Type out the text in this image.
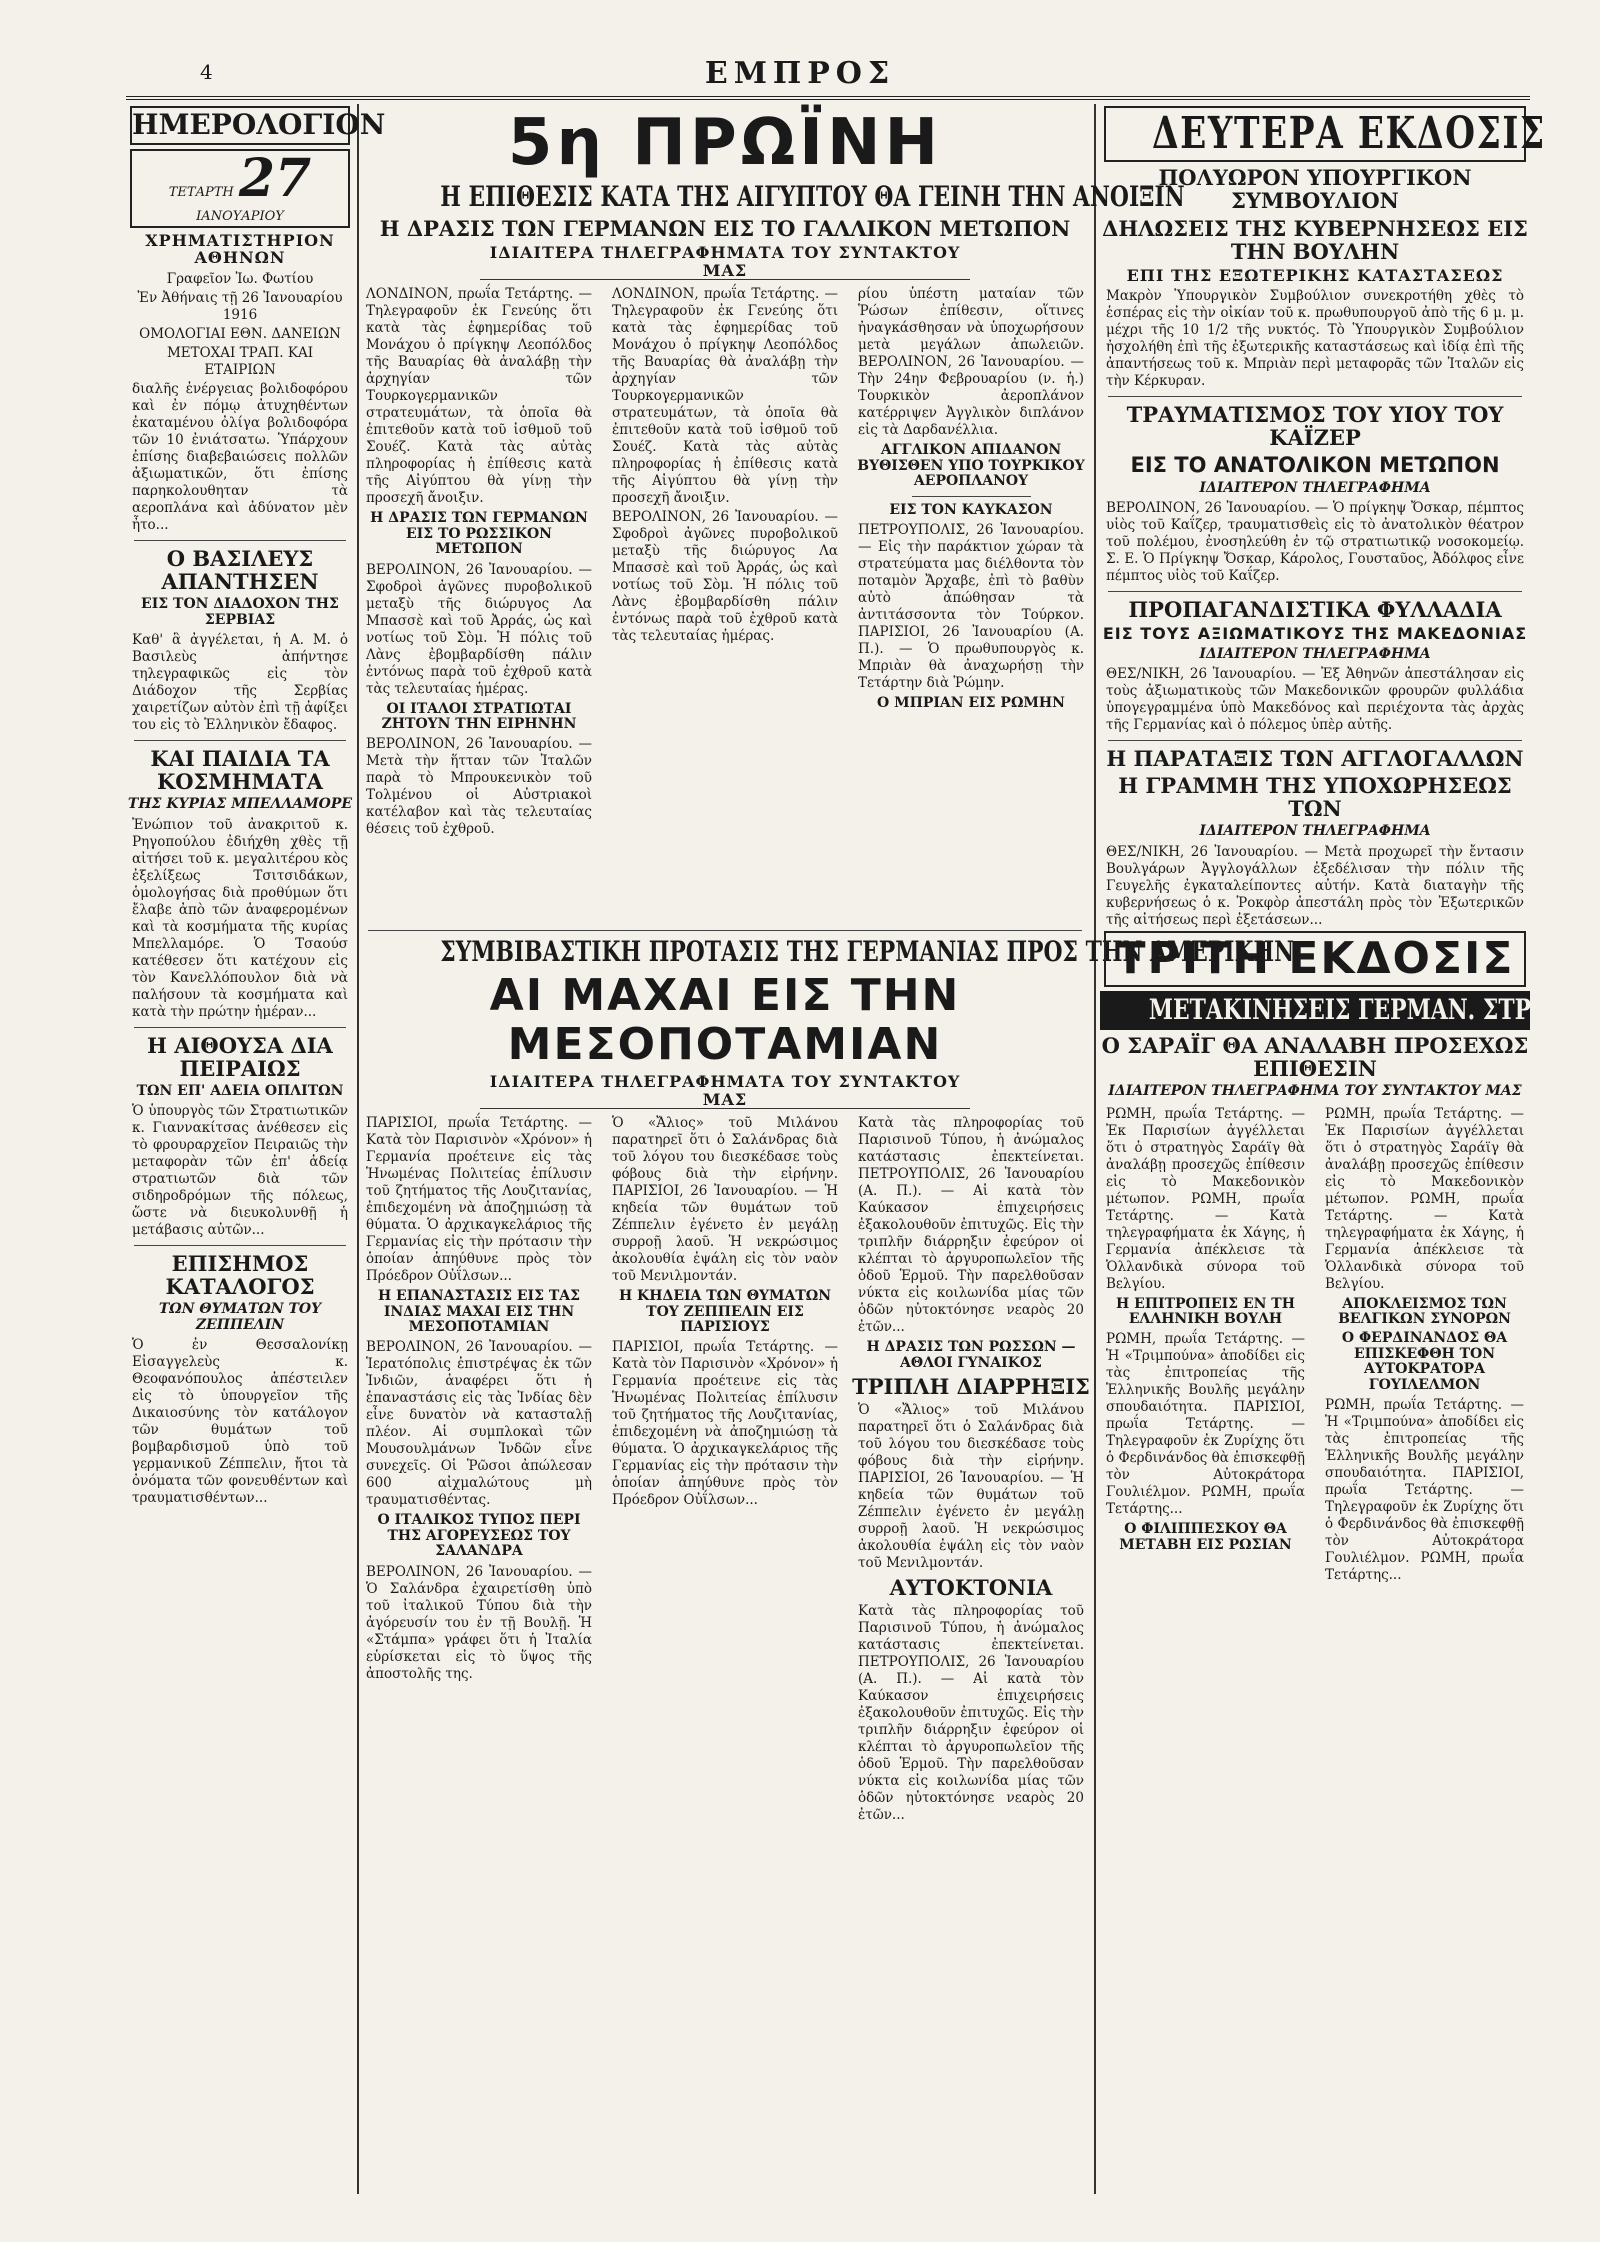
4	ΕΜΠΡΟΣ
ΗΜΕΡΟΛΟΓΙΟΝ
ΤΕΤΑΡΤΗ 27 ΙΑΝΟΥΑΡΙΟΥ
ΧΡΗΜΑΤΙΣΤΗΡΙΟΝ ΑΘΗΝΩΝ
Γραφεῖον Ἰω. Φωτίου
Ἐν Ἀθήναις τῇ 26 Ἰανουαρίου 1916
ΟΜΟΛΟΓΙΑΙ ΕΘΝ. ΔΑΝΕΙΩΝ
ΜΕΤΟΧΑΙ ΤΡΑΠ. ΚΑΙ ΕΤΑΙΡΙΩΝ
διαλῆς ἐνέργειας βολιδοφόρου καὶ ἐν πόμῳ ἀτυχηθέντων ἐκαταμένου ὀλίγα βολιδοφόρα τῶν 10 ἐνιάτσατω. Ὑπάρχουν ἐπίσης διαβεβαιώσεις πολλῶν ἀξιωματικῶν, ὅτι ἐπίσης παρηκολουθηταν τὰ αεροπλάνα καὶ ἀδύνατον μὲν ἦτο...
Ο ΒΑΣΙΛΕΥΣ ΑΠΑΝΤΗΣΕΝ
ΕΙΣ ΤΟΝ ΔΙΑΔΟΧΟΝ ΤΗΣ ΣΕΡΒΙΑΣ
Καθ' ἃ ἀγγέλεται, ἡ Α. Μ. ὁ Βασιλεὺς ἀπήντησε τηλεγραφικῶς εἰς τὸν Διάδοχον τῆς Σερβίας χαιρετίζων αὐτὸν ἐπὶ τῇ ἀφίξει του εἰς τὸ Ἑλληνικὸν ἔδαφος.
ΚΑΙ ΠΑΙΔΙΑ ΤΑ ΚΟΣΜΗΜΑΤΑ
ΤΗΣ ΚΥΡΙΑΣ ΜΠΕΛΛΑΜΟΡΕ
Ἐνώπιον τοῦ ἀνακριτοῦ κ. Ρηγοπούλου ἐδιήχθη χθὲς τῇ αἰτήσει τοῦ κ. μεγαλιτέρου κὸς ἐξελίξεως Τσιτσιδάκων, ὁμολογήσας διὰ προθύμων ὅτι ἔλαβε ἀπὸ τῶν ἀναφερομένων καὶ τὰ κοσμήματα τῆς κυρίας Μπελλαμόρε. Ὁ Τσαούσ κατέθεσεν ὅτι κατέχουν εἰς τὸν Κανελλόπουλον διὰ νὰ παλήσουν τὰ κοσμήματα καὶ κατὰ τὴν πρώτην ἡμέραν...
Η ΑΙΘΟΥΣΑ ΔΙΑ ΠΕΙΡΑΙΩΣ
ΤΩΝ ΕΠ' ΑΔΕΙΑ ΟΠΛΙΤΩΝ
Ὁ ὑπουργὸς τῶν Στρατιωτικῶν κ. Γιαννακίτσας ἀνέθεσεν εἰς τὸ φρουραρχεῖον Πειραιῶς τὴν μεταφορὰν τῶν ἐπ' ἀδείᾳ στρατιωτῶν διὰ τῶν σιδηροδρόμων τῆς πόλεως, ὥστε νὰ διευκολυνθῇ ἡ μετάβασις αὐτῶν...
ΕΠΙΣΗΜΟΣ ΚΑΤΑΛΟΓΟΣ
ΤΩΝ ΘΥΜΑΤΩΝ ΤΟΥ ΖΕΠΠΕΛΙΝ
Ὁ ἐν Θεσσαλονίκῃ Εἰσαγγελεὺς κ. Θεοφανόπουλος ἀπέστειλεν εἰς τὸ ὑπουργεῖον τῆς Δικαιοσύνης τὸν κατάλογον τῶν θυμάτων τοῦ βομβαρδισμοῦ ὑπὸ τοῦ γερμανικοῦ Ζέππελιν, ἤτοι τὰ ὀνόματα τῶν φονευθέντων καὶ τραυματισθέντων...
5η ΠΡΩΪΝΗ
Η ΕΠΙΘΕΣΙΣ ΚΑΤΑ ΤΗΣ ΑΙΓΥΠΤΟΥ ΘΑ ΓΕΙΝΗ ΤΗΝ ΑΝΟΙΞΙΝ
Η ΔΡΑΣΙΣ ΤΩΝ ΓΕΡΜΑΝΩΝ ΕΙΣ ΤΟ ΓΑΛΛΙΚΟΝ ΜΕΤΩΠΟΝ
ΙΔΙΑΙΤΕΡΑ ΤΗΛΕΓΡΑΦΗΜΑΤΑ ΤΟΥ ΣΥΝΤΑΚΤΟΥ ΜΑΣ
ΛΟΝΔΙΝΟΝ, πρωΐα Τετάρτης. — Τηλεγραφοῦν ἐκ Γενεύης ὅτι κατὰ τὰς ἐφημερίδας τοῦ Μονάχου ὁ πρίγκηψ Λεοπόλδος τῆς Βαυαρίας θὰ ἀναλάβῃ τὴν ἀρχηγίαν τῶν Τουρκογερμανικῶν στρατευμάτων, τὰ ὁποῖα θὰ ἐπιτεθοῦν κατὰ τοῦ ἰσθμοῦ τοῦ Σουέζ. Κατὰ τὰς αὐτὰς πληροφορίας ἡ ἐπίθεσις κατὰ τῆς Αἰγύπτου θὰ γίνῃ τὴν προσεχῆ ἄνοιξιν.
Η ΔΡΑΣΙΣ ΤΩΝ ΓΕΡΜΑΝΩΝ ΕΙΣ ΤΟ ΡΩΣΣΙΚΟΝ ΜΕΤΩΠΟΝ
ΒΕΡΟΛΙΝΟΝ, 26 Ἰανουαρίου. — Σφοδροὶ ἀγῶνες πυροβολικοῦ μεταξὺ τῆς διώρυγος Λα Μπασσὲ καὶ τοῦ Ἀρράς, ὡς καὶ νοτίως τοῦ Σὸμ. Ἡ πόλις τοῦ Λὰνς ἐβομβαρδίσθη πάλιν ἐντόνως παρὰ τοῦ ἐχθροῦ κατὰ τὰς τελευταίας ἡμέρας.
ΟΙ ΙΤΑΛΟΙ ΣΤΡΑΤΙΩΤΑΙ ΖΗΤΟΥΝ ΤΗΝ ΕΙΡΗΝΗΝ
ΒΕΡΟΛΙΝΟΝ, 26 Ἰανουαρίου. — Μετὰ τὴν ἥτταν τῶν Ἰταλῶν παρὰ τὸ Μπρουκενικὸν τοῦ Τολμένου οἱ Αὐστριακοὶ κατέλαβον καὶ τὰς τελευταίας θέσεις τοῦ ἐχθροῦ.
ΛΟΝΔΙΝΟΝ, πρωΐα Τετάρτης. — Τηλεγραφοῦν ἐκ Γενεύης ὅτι κατὰ τὰς ἐφημερίδας τοῦ Μονάχου ὁ πρίγκηψ Λεοπόλδος τῆς Βαυαρίας θὰ ἀναλάβῃ τὴν ἀρχηγίαν τῶν Τουρκογερμανικῶν στρατευμάτων, τὰ ὁποῖα θὰ ἐπιτεθοῦν κατὰ τοῦ ἰσθμοῦ τοῦ Σουέζ. Κατὰ τὰς αὐτὰς πληροφορίας ἡ ἐπίθεσις κατὰ τῆς Αἰγύπτου θὰ γίνῃ τὴν προσεχῆ ἄνοιξιν.
ΒΕΡΟΛΙΝΟΝ, 26 Ἰανουαρίου. — Σφοδροὶ ἀγῶνες πυροβολικοῦ μεταξὺ τῆς διώρυγος Λα Μπασσὲ καὶ τοῦ Ἀρράς, ὡς καὶ νοτίως τοῦ Σὸμ. Ἡ πόλις τοῦ Λὰνς ἐβομβαρδίσθη πάλιν ἐντόνως παρὰ τοῦ ἐχθροῦ κατὰ τὰς τελευταίας ἡμέρας.
ρίου ὑπέστη ματαίαν τῶν Ῥώσων ἐπίθεσιν, οἵτινες ἠναγκάσθησαν νὰ ὑποχωρήσουν μετὰ μεγάλων ἀπωλειῶν. ΒΕΡΟΛΙΝΟΝ, 26 Ἰανουαρίου. — Τὴν 24ην Φεβρουαρίου (ν. ἡ.) Τουρκικὸν ἀεροπλάνον κατέρριψεν Ἀγγλικὸν διπλάνον εἰς τὰ Δαρδανέλλια.
ΑΓΓΛΙΚΟΝ ΑΠΙΔΑΝΟΝ ΒΥΘΙΣΘΕΝ ΥΠΟ ΤΟΥΡΚΙΚΟΥ ΑΕΡΟΠΛΑΝΟΥ
ΕΙΣ ΤΟΝ ΚΑΥΚΑΣΟΝ
ΠΕΤΡΟΥΠΟΛΙΣ, 26 Ἰανουαρίου. — Εἰς τὴν παράκτιον χώραν τὰ στρατεύματα μας διέλθοντα τὸν ποταμὸν Ἄρχαβε, ἐπὶ τὸ βαθὺν αὐτὸ ἀπώθησαν τὰ ἀντιτάσσοντα τὸν Τούρκον. ΠΑΡΙΣΙΟΙ, 26 Ἰανουαρίου (Α. Π.). — Ὁ πρωθυπουργὸς κ. Μπριὰν θὰ ἀναχωρήσῃ τὴν Τετάρτην διὰ Ῥώμην.
Ο ΜΠΡΙΑΝ ΕΙΣ ΡΩΜΗΝ
ΣΥΜΒΙΒΑΣΤΙΚΗ ΠΡΟΤΑΣΙΣ ΤΗΣ ΓΕΡΜΑΝΙΑΣ ΠΡΟΣ ΤΗΝ ΑΜΕΡΙΚΗΝ
ΑΙ ΜΑΧΑΙ ΕΙΣ ΤΗΝ ΜΕΣΟΠΟΤΑΜΙΑΝ
ΙΔΙΑΙΤΕΡΑ ΤΗΛΕΓΡΑΦΗΜΑΤΑ ΤΟΥ ΣΥΝΤΑΚΤΟΥ ΜΑΣ
ΠΑΡΙΣΙΟΙ, πρωΐα Τετάρτης. — Κατὰ τὸν Παρισινὸν «Χρόνον» ἡ Γερμανία προέτεινε εἰς τὰς Ἡνωμένας Πολιτείας ἐπίλυσιν τοῦ ζητήματος τῆς Λουζιτανίας, ἐπιδεχομένη νὰ ἀποζημιώσῃ τὰ θύματα. Ὁ ἀρχικαγκελάριος τῆς Γερμανίας εἰς τὴν πρότασιν τὴν ὁποίαν ἀπηύθυνε πρὸς τὸν Πρόεδρον Οὐΐλσων...
Η ΕΠΑΝΑΣΤΑΣΙΣ ΕΙΣ ΤΑΣ ΙΝΔΙΑΣ ΜΑΧΑΙ ΕΙΣ ΤΗΝ ΜΕΣΟΠΟΤΑΜΙΑΝ
ΒΕΡΟΛΙΝΟΝ, 26 Ἰανουαρίου. — Ἱερατόπολις ἐπιστρέψας ἐκ τῶν Ἰνδιῶν, ἀναφέρει ὅτι ἡ ἐπαναστάσις εἰς τὰς Ἰνδίας δὲν εἶνε δυνατὸν νὰ κατασταλῇ πλέον. Αἱ συμπλοκαὶ τῶν Μουσουλμάνων Ἰνδῶν εἶνε συνεχεῖς. Οἱ Ῥῶσοι ἀπώλεσαν 600 αἰχμαλώτους μὴ τραυματισθέντας.
Ο ΙΤΑΛΙΚΟΣ ΤΥΠΟΣ ΠΕΡΙ ΤΗΣ ΑΓΟΡΕΥΣΕΩΣ ΤΟΥ ΣΑΛΑΝΔΡΑ
ΒΕΡΟΛΙΝΟΝ, 26 Ἰανουαρίου. — Ὁ Σαλάνδρα ἐχαιρετίσθη ὑπὸ τοῦ ἰταλικοῦ Τύπου διὰ τὴν ἀγόρευσίν του ἐν τῇ Βουλῇ. Ἡ «Στάμπα» γράφει ὅτι ἡ Ἰταλία εὑρίσκεται εἰς τὸ ὕψος τῆς ἀποστολῆς της.
Ὁ «Ἄλιος» τοῦ Μιλάνου παρατηρεῖ ὅτι ὁ Σαλάνδρας διὰ τοῦ λόγου του διεσκέδασε τοὺς φόβους διὰ τὴν εἰρήνην. ΠΑΡΙΣΙΟΙ, 26 Ἰανουαρίου. — Ἡ κηδεία τῶν θυμάτων τοῦ Ζέππελιν ἐγένετο ἐν μεγάλῃ συρροῇ λαοῦ. Ἡ νεκρώσιμος ἀκολουθία ἐψάλη εἰς τὸν ναὸν τοῦ Μενιλμοντάν.
Η ΚΗΔΕΙΑ ΤΩΝ ΘΥΜΑΤΩΝ ΤΟΥ ΖΕΠΠΕΛΙΝ ΕΙΣ ΠΑΡΙΣΙΟΥΣ
ΠΑΡΙΣΙΟΙ, πρωΐα Τετάρτης. — Κατὰ τὸν Παρισινὸν «Χρόνον» ἡ Γερμανία προέτεινε εἰς τὰς Ἡνωμένας Πολιτείας ἐπίλυσιν τοῦ ζητήματος τῆς Λουζιτανίας, ἐπιδεχομένη νὰ ἀποζημιώσῃ τὰ θύματα. Ὁ ἀρχικαγκελάριος τῆς Γερμανίας εἰς τὴν πρότασιν τὴν ὁποίαν ἀπηύθυνε πρὸς τὸν Πρόεδρον Οὐΐλσων...
Κατὰ τὰς πληροφορίας τοῦ Παρισινοῦ Τύπου, ἡ ἀνώμαλος κατάστασις ἐπεκτείνεται. ΠΕΤΡΟΥΠΟΛΙΣ, 26 Ἰανουαρίου (Α. Π.). — Αἱ κατὰ τὸν Καύκασον ἐπιχειρήσεις ἐξακολουθοῦν ἐπιτυχῶς. Εἰς τὴν τριπλῆν διάρρηξιν ἐφεύρον οἱ κλέπται τὸ ἀργυροπωλεῖον τῆς ὁδοῦ Ἑρμοῦ. Τὴν παρελθοῦσαν νύκτα εἰς κοιλωνίδα μίας τῶν ὁδῶν ηὐτοκτόνησε νεαρὸς 20 ἐτῶν...
Η ΔΡΑΣΙΣ ΤΩΝ ΡΩΣΣΩΝ — ΑΘΛΟΙ ΓΥΝΑΙΚΟΣ
ΤΡΙΠΛΗ ΔΙΑΡΡΗΞΙΣ
Ὁ «Ἄλιος» τοῦ Μιλάνου παρατηρεῖ ὅτι ὁ Σαλάνδρας διὰ τοῦ λόγου του διεσκέδασε τοὺς φόβους διὰ τὴν εἰρήνην. ΠΑΡΙΣΙΟΙ, 26 Ἰανουαρίου. — Ἡ κηδεία τῶν θυμάτων τοῦ Ζέππελιν ἐγένετο ἐν μεγάλῃ συρροῇ λαοῦ. Ἡ νεκρώσιμος ἀκολουθία ἐψάλη εἰς τὸν ναὸν τοῦ Μενιλμοντάν.
ΑΥΤΟΚΤΟΝΙΑ
Κατὰ τὰς πληροφορίας τοῦ Παρισινοῦ Τύπου, ἡ ἀνώμαλος κατάστασις ἐπεκτείνεται. ΠΕΤΡΟΥΠΟΛΙΣ, 26 Ἰανουαρίου (Α. Π.). — Αἱ κατὰ τὸν Καύκασον ἐπιχειρήσεις ἐξακολουθοῦν ἐπιτυχῶς. Εἰς τὴν τριπλῆν διάρρηξιν ἐφεύρον οἱ κλέπται τὸ ἀργυροπωλεῖον τῆς ὁδοῦ Ἑρμοῦ. Τὴν παρελθοῦσαν νύκτα εἰς κοιλωνίδα μίας τῶν ὁδῶν ηὐτοκτόνησε νεαρὸς 20 ἐτῶν...
ΔΕΥΤΕΡΑ ΕΚΔΟΣΙΣ
ΠΟΛΥΩΡΟΝ ΥΠΟΥΡΓΙΚΟΝ ΣΥΜΒΟΥΛΙΟΝ
ΔΗΛΩΣΕΙΣ ΤΗΣ ΚΥΒΕΡΝΗΣΕΩΣ ΕΙΣ ΤΗΝ ΒΟΥΛΗΝ
ΕΠΙ ΤΗΣ ΕΞΩΤΕΡΙΚΗΣ ΚΑΤΑΣΤΑΣΕΩΣ
Μακρὸν Ὑπουργικὸν Συμβούλιον συνεκροτήθη χθὲς τὸ ἑσπέρας εἰς τὴν οἰκίαν τοῦ κ. πρωθυπουργοῦ ἀπὸ τῆς 6 μ. μ. μέχρι τῆς 10 1/2 τῆς νυκτός. Τὸ Ὑπουργικὸν Συμβούλιον ἠσχολήθη ἐπὶ τῆς ἐξωτερικῆς καταστάσεως καὶ ἰδίᾳ ἐπὶ τῆς ἀπαντήσεως τοῦ κ. Μπριὰν περὶ μεταφορᾶς τῶν Ἰταλῶν εἰς τὴν Κέρκυραν.
ΤΡΑΥΜΑΤΙΣΜΟΣ ΤΟΥ ΥΙΟΥ ΤΟΥ ΚΑΪΖΕΡ
ΕΙΣ ΤΟ ΑΝΑΤΟΛΙΚΟΝ ΜΕΤΩΠΟΝ
ΙΔΙΑΙΤΕΡΟΝ ΤΗΛΕΓΡΑΦΗΜΑ
ΒΕΡΟΛΙΝΟΝ, 26 Ἰανουαρίου. — Ὁ πρίγκηψ Ὄσκαρ, πέμπτος υἱὸς τοῦ Καΐζερ, τραυματισθεὶς εἰς τὸ ἀνατολικὸν θέατρον τοῦ πολέμου, ἐνοσηλεύθη ἐν τῷ στρατιωτικῷ νοσοκομείῳ. Σ. Ε. Ὁ Πρίγκηψ Ὄσκαρ, Κάρολος, Γουσταῦος, Ἀδόλφος εἶνε πέμπτος υἱὸς τοῦ Καΐζερ.
ΠΡΟΠΑΓΑΝΔΙΣΤΙΚΑ ΦΥΛΛΑΔΙΑ
ΕΙΣ ΤΟΥΣ ΑΞΙΩΜΑΤΙΚΟΥΣ ΤΗΣ ΜΑΚΕΔΟΝΙΑΣ
ΙΔΙΑΙΤΕΡΟΝ ΤΗΛΕΓΡΑΦΗΜΑ
ΘΕΣ/ΝΙΚΗ, 26 Ἰανουαρίου. — Ἐξ Ἀθηνῶν ἀπεστάλησαν εἰς τοὺς ἀξιωματικοὺς τῶν Μακεδονικῶν φρουρῶν φυλλάδια ὑπογεγραμμένα ὑπὸ Μακεδόνος καὶ περιέχοντα τὰς ἀρχὰς τῆς Γερμανίας καὶ ὁ πόλεμος ὑπὲρ αὐτῆς.
Η ΠΑΡΑΤΑΞΙΣ ΤΩΝ ΑΓΓΛΟΓΑΛΛΩΝ
Η ΓΡΑΜΜΗ ΤΗΣ ΥΠΟΧΩΡΗΣΕΩΣ ΤΩΝ
ΙΔΙΑΙΤΕΡΟΝ ΤΗΛΕΓΡΑΦΗΜΑ
ΘΕΣ/ΝΙΚΗ, 26 Ἰανουαρίου. — Μετὰ προχωρεῖ τὴν ἔντασιν Βουλγάρων Ἀγγλογάλλων ἐξεδέλισαν τὴν πόλιν τῆς Γευγελῆς ἐγκαταλείποντες αὐτήν. Κατὰ διαταγὴν τῆς κυβερνήσεως ὁ κ. Ῥοκφὸρ ἀπεστάλη πρὸς τὸν Ἐξωτερικῶν τῆς αἰτήσεως περὶ ἐξετάσεων...
ΤΡΙΤΗ ΕΚΔΟΣΙΣ
ΜΕΤΑΚΙΝΗΣΕΙΣ ΓΕΡΜΑΝ. ΣΤΡΑΤΟΥ
Ο ΣΑΡΑΪΓ ΘΑ ΑΝΑΛΑΒΗ ΠΡΟΣΕΧΩΣ ΕΠΙΘΕΣΙΝ
ΙΔΙΑΙΤΕΡΟΝ ΤΗΛΕΓΡΑΦΗΜΑ ΤΟΥ ΣΥΝΤΑΚΤΟΥ ΜΑΣ
ΡΩΜΗ, πρωΐα Τετάρτης. — Ἐκ Παρισίων ἀγγέλλεται ὅτι ὁ στρατηγὸς Σαράϊγ θὰ ἀναλάβῃ προσεχῶς ἐπίθεσιν εἰς τὸ Μακεδονικὸν μέτωπον. ΡΩΜΗ, πρωΐα Τετάρτης. — Κατὰ τηλεγραφήματα ἐκ Χάγης, ἡ Γερμανία ἀπέκλεισε τὰ Ὁλλανδικὰ σύνορα τοῦ Βελγίου.
Η ΕΠΙΤΡΟΠΕΙΣ ΕΝ ΤΗ ΕΛΛΗΝΙΚΗ ΒΟΥΛΗ
ΡΩΜΗ, πρωΐα Τετάρτης. — Ἡ «Τριμπούνα» ἀποδίδει εἰς τὰς ἐπιτροπείας τῆς Ἑλληνικῆς Βουλῆς μεγάλην σπουδαιότητα. ΠΑΡΙΣΙΟΙ, πρωΐα Τετάρτης. — Τηλεγραφοῦν ἐκ Ζυρίχης ὅτι ὁ Φερδινάνδος θὰ ἐπισκεφθῇ τὸν Αὐτοκράτορα Γουλιέλμον. ΡΩΜΗ, πρωΐα Τετάρτης...
Ο ΦΙΛΙΠΠΕΣΚΟΥ ΘΑ ΜΕΤΑΒΗ ΕΙΣ ΡΩΣΙΑΝ
ΡΩΜΗ, πρωΐα Τετάρτης. — Ἐκ Παρισίων ἀγγέλλεται ὅτι ὁ στρατηγὸς Σαράϊγ θὰ ἀναλάβῃ προσεχῶς ἐπίθεσιν εἰς τὸ Μακεδονικὸν μέτωπον. ΡΩΜΗ, πρωΐα Τετάρτης. — Κατὰ τηλεγραφήματα ἐκ Χάγης, ἡ Γερμανία ἀπέκλεισε τὰ Ὁλλανδικὰ σύνορα τοῦ Βελγίου.
ΑΠΟΚΛΕΙΣΜΟΣ ΤΩΝ ΒΕΛΓΙΚΩΝ ΣΥΝΟΡΩΝ
Ο ΦΕΡΔΙΝΑΝΔΟΣ ΘΑ ΕΠΙΣΚΕΦΘΗ ΤΟΝ ΑΥΤΟΚΡΑΤΟΡΑ ΓΟΥΙΛΕΛΜΟΝ
ΡΩΜΗ, πρωΐα Τετάρτης. — Ἡ «Τριμπούνα» ἀποδίδει εἰς τὰς ἐπιτροπείας τῆς Ἑλληνικῆς Βουλῆς μεγάλην σπουδαιότητα. ΠΑΡΙΣΙΟΙ, πρωΐα Τετάρτης. — Τηλεγραφοῦν ἐκ Ζυρίχης ὅτι ὁ Φερδινάνδος θὰ ἐπισκεφθῇ τὸν Αὐτοκράτορα Γουλιέλμον. ΡΩΜΗ, πρωΐα Τετάρτης...
